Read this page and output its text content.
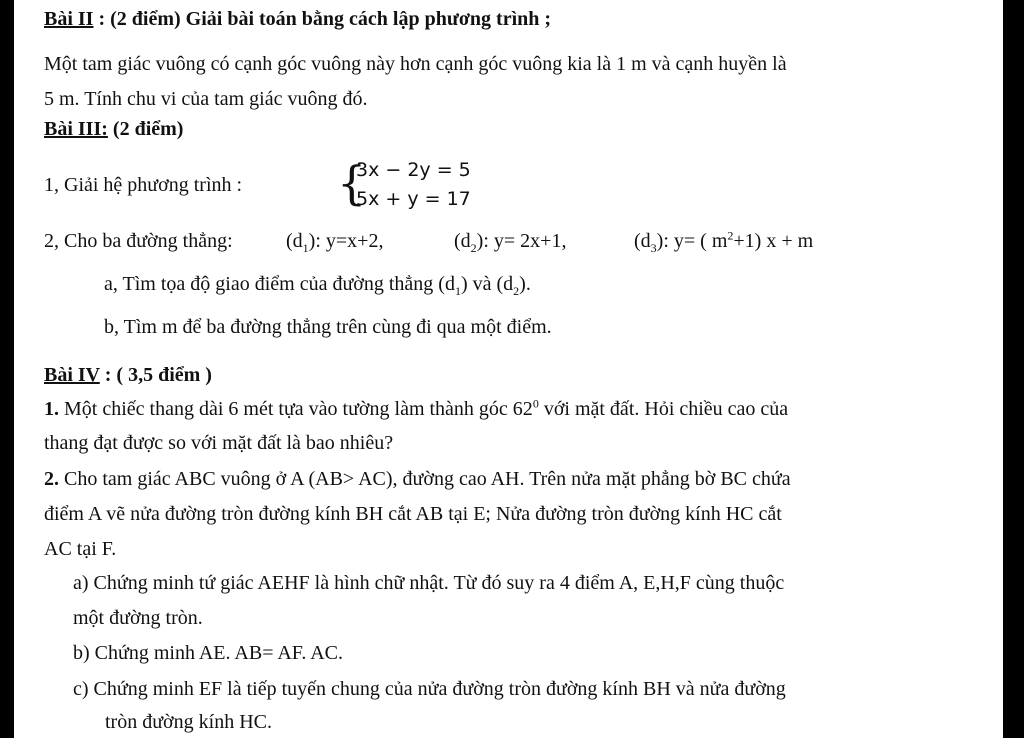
Bài II : (2 điểm) Giải bài toán bằng cách lập phương trình ;
Một tam giác vuông có cạnh góc vuông này hơn cạnh góc vuông kia là 1 m và cạnh huyền là
5 m. Tính chu vi của tam giác vuông đó.
Bài III: (2 điểm)
1, Giải hệ phương trình : {
3x − 2y = 5
5x + y = 17
2, Cho ba đường thẳng:	$(d_1)$: y=x+2,	$(d_2)$: y= 2x+1,	$(d_3)$: y= ( $m^2+1$) x + m
a, Tìm tọa độ giao điểm của đường thẳng $(d_1)$ và $(d_2)$.
b, Tìm m để ba đường thẳng trên cùng đi qua một điểm.
Bài IV : ( 3,5 điểm )
1. Một chiếc thang dài 6 mét tựa vào tường làm thành góc $62^0$ với mặt đất. Hỏi chiều cao của
thang đạt được so với mặt đất là bao nhiêu?
2. Cho tam giác ABC vuông ở A (AB> AC), đường cao AH. Trên nửa mặt phẳng bờ BC chứa
điểm A vẽ nửa đường tròn đường kính BH cắt AB tại E; Nửa đường tròn đường kính HC cắt
AC tại F.
a) Chứng minh tứ giác AEHF là hình chữ nhật. Từ đó suy ra 4 điểm A, E,H,F cùng thuộc
một đường tròn.
b) Chứng minh AE. AB= AF. AC.
c) Chứng minh EF là tiếp tuyến chung của nửa đường tròn đường kính BH và nửa đường
tròn đường kính HC.
